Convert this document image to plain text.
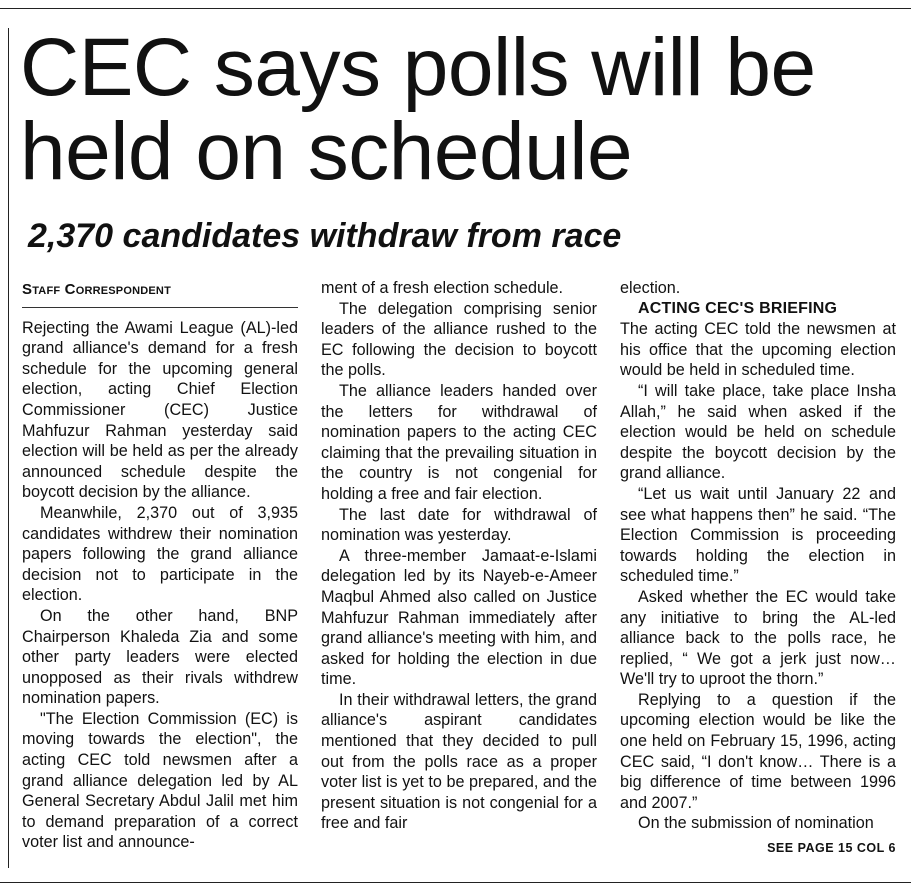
CEC says polls will be held on schedule
2,370 candidates withdraw from race
Staff Correspondent

Rejecting the Awami League (AL)-led grand alliance's demand for a fresh schedule for the upcoming general election, acting Chief Election Commissioner (CEC) Justice Mahfuzur Rahman yesterday said election will be held as per the already announced schedule despite the boycott decision by the alliance.

Meanwhile, 2,370 out of 3,935 candidates withdrew their nomination papers following the grand alliance decision not to participate in the election.

On the other hand, BNP Chairperson Khaleda Zia and some other party leaders were elected unopposed as their rivals withdrew nomination papers.

"The Election Commission (EC) is moving towards the election", the acting CEC told newsmen after a grand alliance delegation led by AL General Secretary Abdul Jalil met him to demand preparation of a correct voter list and announce-

ment of a fresh election schedule.

The delegation comprising senior leaders of the alliance rushed to the EC following the decision to boycott the polls.

The alliance leaders handed over the letters for withdrawal of nomination papers to the acting CEC claiming that the prevailing situation in the country is not congenial for holding a free and fair election.

The last date for withdrawal of nomination was yesterday.

A three-member Jamaat-e-Islami delegation led by its Nayeb-e-Ameer Maqbul Ahmed also called on Justice Mahfuzur Rahman immediately after grand alliance's meeting with him, and asked for holding the election in due time.

In their withdrawal letters, the grand alliance's aspirant candidates mentioned that they decided to pull out from the polls race as a proper voter list is yet to be prepared, and the present situation is not congenial for a free and fair

election.

ACTING CEC'S BRIEFING

The acting CEC told the newsmen at his office that the upcoming election would be held in scheduled time.

“I will take place, take place Insha Allah,” he said when asked if the election would be held on schedule despite the boycott decision by the grand alliance.

“Let us wait until January 22 and see what happens then” he said. “The Election Commission is proceeding towards holding the election in scheduled time.”

Asked whether the EC would take any initiative to bring the AL-led alliance back to the polls race, he replied, “ We got a jerk just now… We'll try to uproot the thorn.”

Replying to a question if the upcoming election would be like the one held on February 15, 1996, acting CEC said, “I don't know… There is a big difference of time between 1996 and 2007.”

On the submission of nomination

SEE PAGE 15 COL 6
